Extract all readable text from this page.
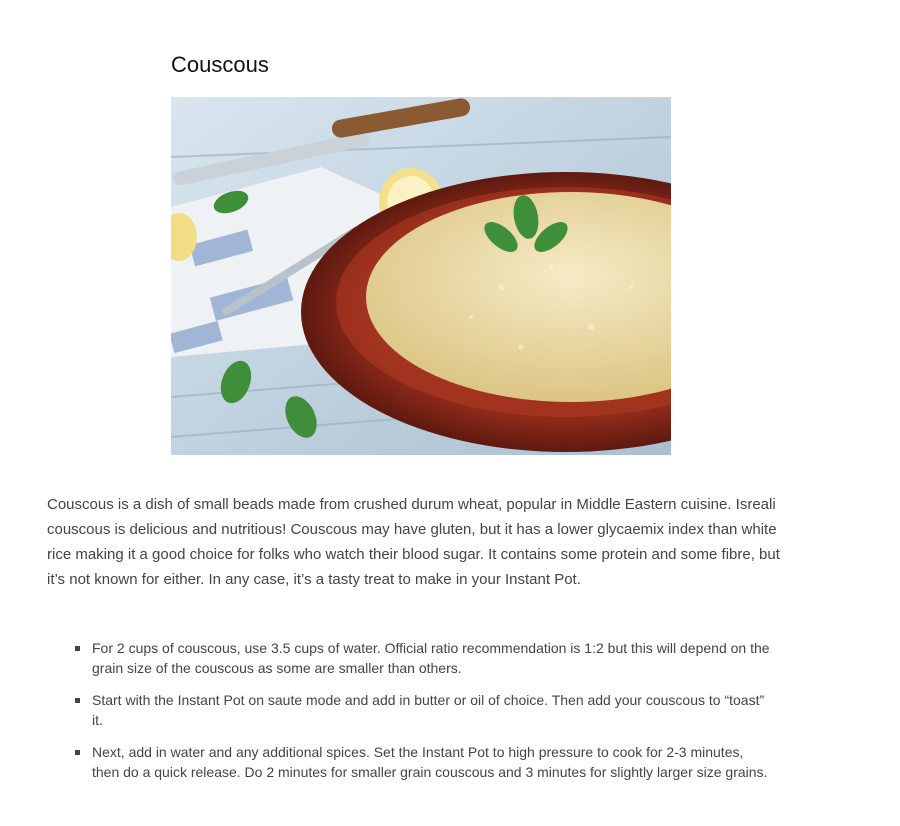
Couscous

Couscous is a dish of small beads made from crushed durum wheat, popular in Middle Eastern cuisine. Isreali couscous is delicious and nutritious! Couscous may have gluten, but it has a lower glycaemix index than white rice making it a good choice for folks who watch their blood sugar. It contains some protein and some fibre, but it’s not known for either. In any case, it’s a tasty treat to make in your Instant Pot.

For 2 cups of couscous, use 3.5 cups of water. Official ratio recommendation is 1:2 but this will depend on the grain size of the couscous as some are smaller than others.
Start with the Instant Pot on saute mode and add in butter or oil of choice. Then add your couscous to “toast” it.
Next, add in water and any additional spices. Set the Instant Pot to high pressure to cook for 2-3 minutes, then do a quick release. Do 2 minutes for smaller grain couscous and 3 minutes for slightly larger size grains.
